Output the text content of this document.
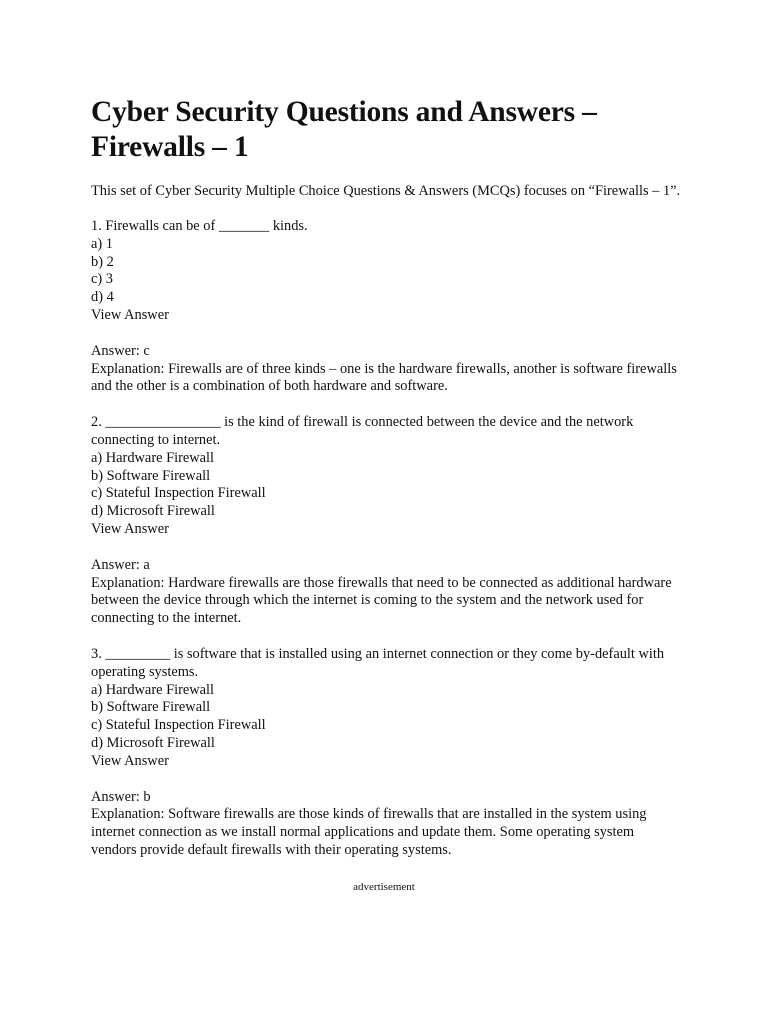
Cyber Security Questions and Answers – Firewalls – 1

This set of Cyber Security Multiple Choice Questions & Answers (MCQs) focuses on “Firewalls – 1”.

1. Firewalls can be of _______ kinds.

a) 1
b) 2
c) 3
d) 4
View Answer

Answer: c

Explanation: Firewalls are of three kinds – one is the hardware firewalls, another is software firewalls and the other is a combination of both hardware and software.

2. ________________ is the kind of firewall is connected between the device and the network connecting to internet.

a) Hardware Firewall
b) Software Firewall
c) Stateful Inspection Firewall
d) Microsoft Firewall
View Answer

Answer: a

Explanation: Hardware firewalls are those firewalls that need to be connected as additional hardware between the device through which the internet is coming to the system and the network used for connecting to the internet.

3. _________ is software that is installed using an internet connection or they come by-default with operating systems.

a) Hardware Firewall
b) Software Firewall
c) Stateful Inspection Firewall
d) Microsoft Firewall
View Answer

Answer: b

Explanation: Software firewalls are those kinds of firewalls that are installed in the system using internet connection as we install normal applications and update them. Some operating system vendors provide default firewalls with their operating systems.

advertisement
